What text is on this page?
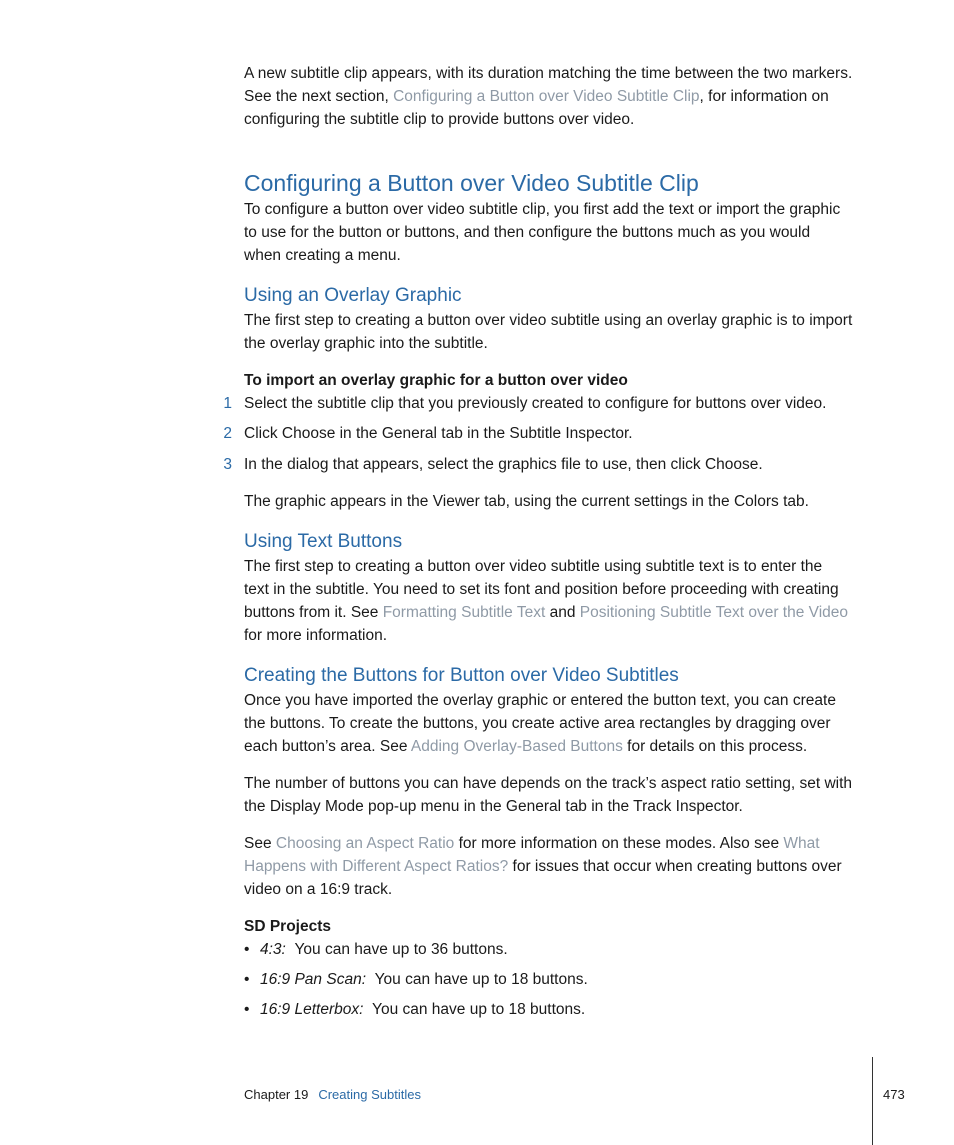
A new subtitle clip appears, with its duration matching the time between the two markers.

See the next section, Configuring a Button over Video Subtitle Clip, for information on

configuring the subtitle clip to provide buttons over video.

Configuring a Button over Video Subtitle Clip

To configure a button over video subtitle clip, you first add the text or import the graphic

to use for the button or buttons, and then configure the buttons much as you would

when creating a menu.

Using an Overlay Graphic

The first step to creating a button over video subtitle using an overlay graphic is to import

the overlay graphic into the subtitle.

To import an overlay graphic for a button over video

1 Select the subtitle clip that you previously created to configure for buttons over video.

2 Click Choose in the General tab in the Subtitle Inspector.

3 In the dialog that appears, select the graphics file to use, then click Choose.

The graphic appears in the Viewer tab, using the current settings in the Colors tab.

Using Text Buttons

The first step to creating a button over video subtitle using subtitle text is to enter the

text in the subtitle. You need to set its font and position before proceeding with creating

buttons from it. See Formatting Subtitle Text and Positioning Subtitle Text over the Video

for more information.

Creating the Buttons for Button over Video Subtitles

Once you have imported the overlay graphic or entered the button text, you can create

the buttons. To create the buttons, you create active area rectangles by dragging over

each button’s area. See Adding Overlay-Based Buttons for details on this process.

The number of buttons you can have depends on the track’s aspect ratio setting, set with

the Display Mode pop-up menu in the General tab in the Track Inspector.

See Choosing an Aspect Ratio for more information on these modes. Also see What

Happens with Different Aspect Ratios? for issues that occur when creating buttons over

video on a 16:9 track.

SD Projects

• 4:3: You can have up to 36 buttons.
• 16:9 Pan Scan: You can have up to 18 buttons.
• 16:9 Letterbox: You can have up to 18 buttons.
Chapter 19 Creating Subtitles	473
